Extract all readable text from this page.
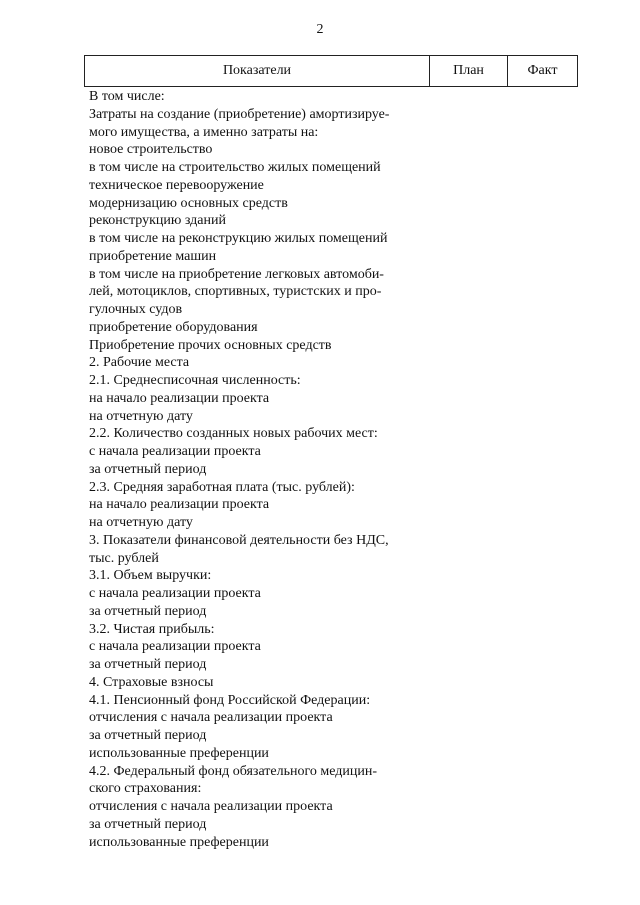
2
Показатели	План	Факт
В том числе:
Затраты на создание (приобретение) амортизируе-
мого имущества, а именно затраты на:
новое строительство
в том числе на строительство жилых помещений
техническое перевооружение
модернизацию основных средств
реконструкцию зданий
в том числе на реконструкцию жилых помещений
приобретение машин
в том числе на приобретение легковых автомоби-
лей, мотоциклов, спортивных, туристских и про-
гулочных судов
приобретение оборудования
Приобретение прочих основных средств
2. Рабочие места
2.1. Среднесписочная численность:
на начало реализации проекта
на отчетную дату
2.2. Количество созданных новых рабочих мест:
с начала реализации проекта
за отчетный период
2.3. Средняя заработная плата (тыс. рублей):
на начало реализации проекта
на отчетную дату
3. Показатели финансовой деятельности без НДС,
тыс. рублей
3.1. Объем выручки:
с начала реализации проекта
за отчетный период
3.2. Чистая прибыль:
с начала реализации проекта
за отчетный период
4. Страховые взносы
4.1. Пенсионный фонд Российской Федерации:
отчисления с начала реализации проекта
за отчетный период
использованные преференции
4.2. Федеральный фонд обязательного медицин-
ского страхования:
отчисления с начала реализации проекта
за отчетный период
использованные преференции
